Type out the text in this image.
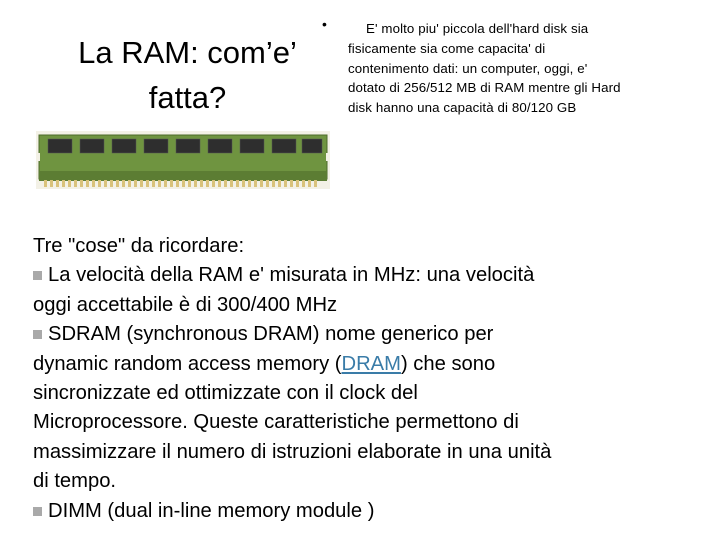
La RAM: com’e’
fatta?
•	E' molto piu' piccola dell'hard disk sia
fisicamente sia come capacita' di
contenimento dati: un computer, oggi, e'
dotato di 256/512 MB di RAM mentre gli Hard
disk hanno una capacità di 80/120 GB
Tre "cose" da ricordare:
La velocità della RAM e' misurata in MHz: una velocità
oggi accettabile è di 300/400 MHz
SDRAM (synchronous DRAM) nome generico per
dynamic random access memory (DRAM) che sono
sincronizzate ed ottimizzate con il clock del
Microprocessore. Queste caratteristiche permettono di
massimizzare il numero di istruzioni elaborate in una unità
di tempo.
DIMM (dual in-line memory module )
